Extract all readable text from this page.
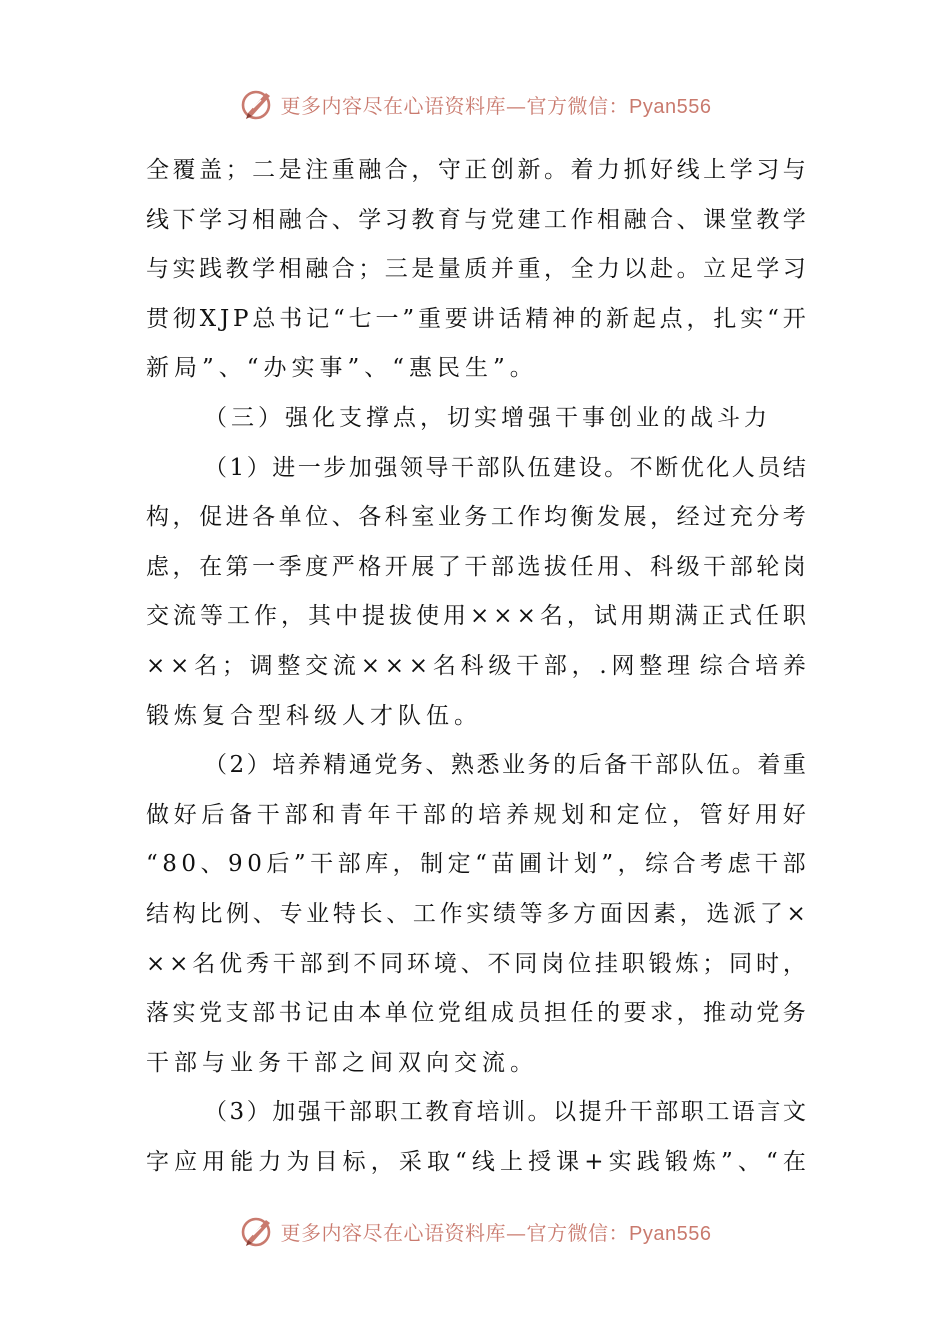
更多内容尽在心语资料库—官方微信：Pyan556
全 覆 盖 ； 二 是 注 重 融 合 ， 守 正 创 新 。 着 力 抓 好 线 上 学 习 与
线 下 学 习 相 融 合 、 学 习 教 育 与 党 建 工 作 相 融 合 、 课 堂 教 学
与 实 践 教 学 相 融 合 ； 三 是 量 质 并 重 ， 全 力 以 赴 。 立 足 学 习
贯 彻 X J P 总 书 记 “ 七 一 ” 重 要 讲 话 精 神 的 新 起 点 ， 扎 实 “ 开
新局”、“办实事”、“惠民生”。
（三）强化支撑点，切实增强干事创业的战斗力
（ 1 ） 进 一 步 加 强 领 导 干 部 队 伍 建 设 。 不 断 优 化 人 员 结
构 ， 促 进 各 单 位 、 各 科 室 业 务 工 作 均 衡 发 展 ， 经 过 充 分 考
虑 ， 在 第 一 季 度 严 格 开 展 了 干 部 选 拔 任 用 、 科 级 干 部 轮 岗
交 流 等 工 作 ， 其 中 提 拔 使 用 × × × 名 ， 试 用 期 满 正 式 任 职
× × 名 ； 调 整 交 流 × × × 名 科 级 干 部 ， . 网 整 理 综 合 培 养
锻炼复合型科级人才队伍。
（ 2 ） 培 养 精 通 党 务 、 熟 悉 业 务 的 后 备 干 部 队 伍 。 着 重
做 好 后 备 干 部 和 青 年 干 部 的 培 养 规 划 和 定 位 ， 管 好 用 好
“ 8 0 、 9 0 后 ” 干 部 库 ， 制 定 “ 苗 圃 计 划 ” ， 综 合 考 虑 干 部
结 构 比 例 、 专 业 特 长 、 工 作 实 绩 等 多 方 面 因 素 ， 选 派 了 ×
× × 名 优 秀 干 部 到 不 同 环 境 、 不 同 岗 位 挂 职 锻 炼 ； 同 时 ，
落 实 党 支 部 书 记 由 本 单 位 党 组 成 员 担 任 的 要 求 ， 推 动 党 务
干部与业务干部之间双向交流。
（ 3 ） 加 强 干 部 职 工 教 育 培 训 。 以 提 升 干 部 职 工 语 言 文
字 应 用 能 力 为 目 标 ， 采 取 “ 线 上 授 课 + 实 践 锻 炼 ” 、 “ 在
更多内容尽在心语资料库—官方微信：Pyan556
